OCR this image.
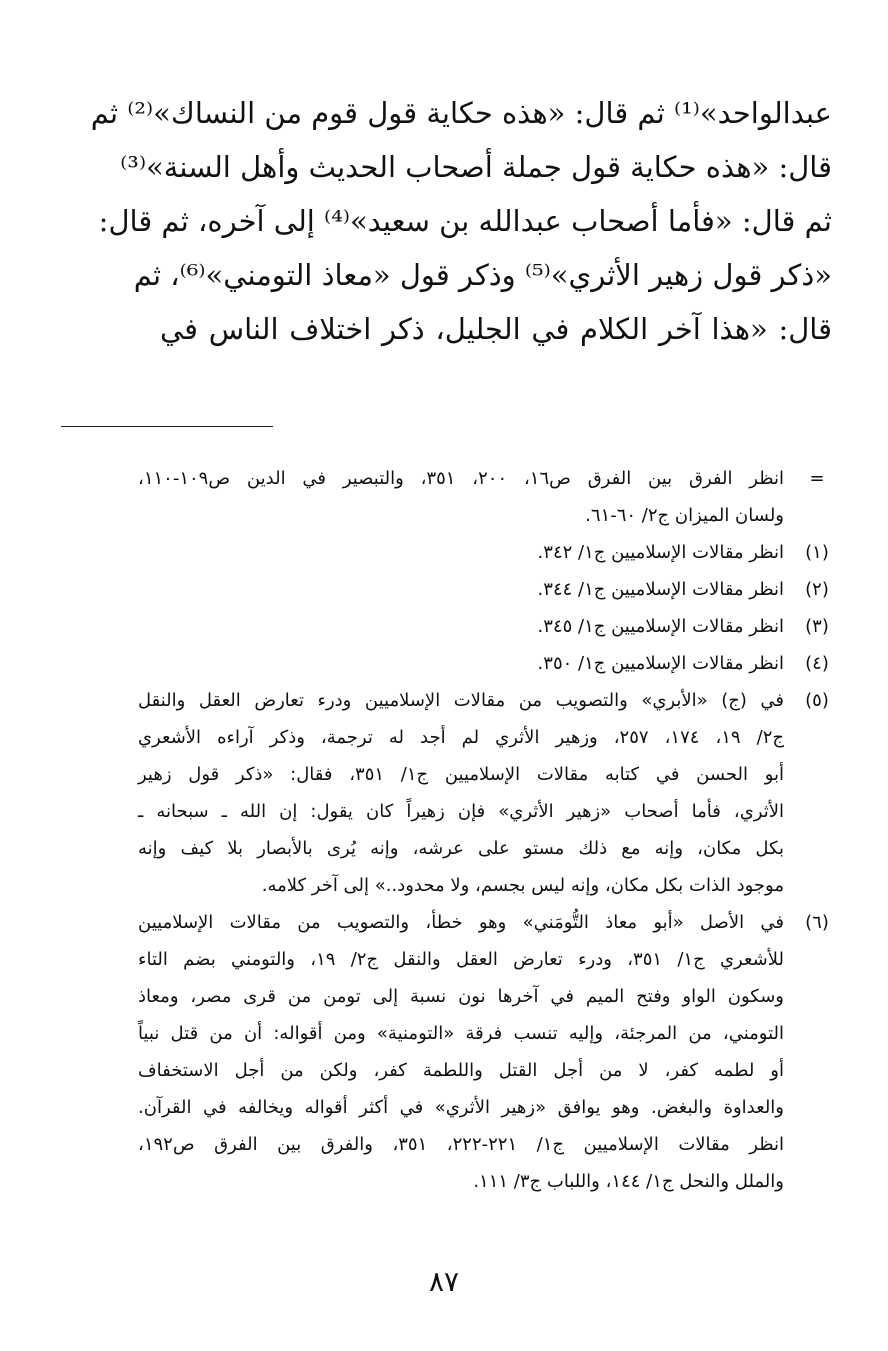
عبدالواحد»⁽¹⁾ ثم قال: «هذه حكاية قول قوم من النساك»⁽²⁾ ثم
قال: «هذه حكاية قول جملة أصحاب الحديث وأهل السنة»⁽³⁾
ثم قال: «فأما أصحاب عبدالله بن سعيد»⁽⁴⁾ إلى آخره، ثم قال:
«ذكر قول زهير الأثري»⁽⁵⁾ وذكر قول «معاذ التومني»⁽⁶⁾، ثم
قال: «هذا آخر الكلام في الجليل، ذكر اختلاف الناس في
=
انظر الفرق بين الفرق ص١٦، ٢٠٠، ٣٥١، والتبصير في الدين ص١٠٩-١١٠،
ولسان الميزان ج٢/ ٦٠-٦١.
(١)
انظر مقالات الإسلاميين ج١/ ٣٤٢.
(٢)
انظر مقالات الإسلاميين ج١/ ٣٤٤.
(٣)
انظر مقالات الإسلاميين ج١/ ٣٤٥.
(٤)
انظر مقالات الإسلاميين ج١/ ٣٥٠.
(٥)
في (ج) «الأبري» والتصويب من مقالات الإسلاميين ودرء تعارض العقل والنقل
ج٢/ ١٩، ١٧٤، ٢٥٧، وزهير الأثري لم أجد له ترجمة، وذكر آراءه الأشعري
أبو الحسن في كتابه مقالات الإسلاميين ج١/ ٣٥١، فقال: «ذكر قول زهير
الأثري، فأما أصحاب «زهير الأثري» فإن زهيراً كان يقول: إن الله ـ سبحانه ـ
بكل مكان، وإنه مع ذلك مستو على عرشه، وإنه يُرى بالأبصار بلا كيف وإنه
موجود الذات بكل مكان، وإنه ليس بجسم، ولا محدود..» إلى آخر كلامه.
(٦)
في الأصل «أبو معاذ التُّومَني» وهو خطأ، والتصويب من مقالات الإسلاميين
للأشعري ج١/ ٣٥١، ودرء تعارض العقل والنقل ج٢/ ١٩، والتومني بضم التاء
وسكون الواو وفتح الميم في آخرها نون نسبة إلى تومن من قرى مصر، ومعاذ
التومني، من المرجئة، وإليه تنسب فرقة «التومنية» ومن أقواله: أن من قتل نبياً
أو لطمه كفر، لا من أجل القتل واللطمة كفر، ولكن من أجل الاستخفاف
والعداوة والبغض. وهو يوافق «زهير الأثري» في أكثر أقواله ويخالفه في القرآن.
انظر مقالات الإسلاميين ج١/ ٢٢١-٢٢٢، ٣٥١، والفرق بين الفرق ص١٩٢،
والملل والنحل ج١/ ١٤٤، واللباب ج٣/ ١١١.
٨٧
